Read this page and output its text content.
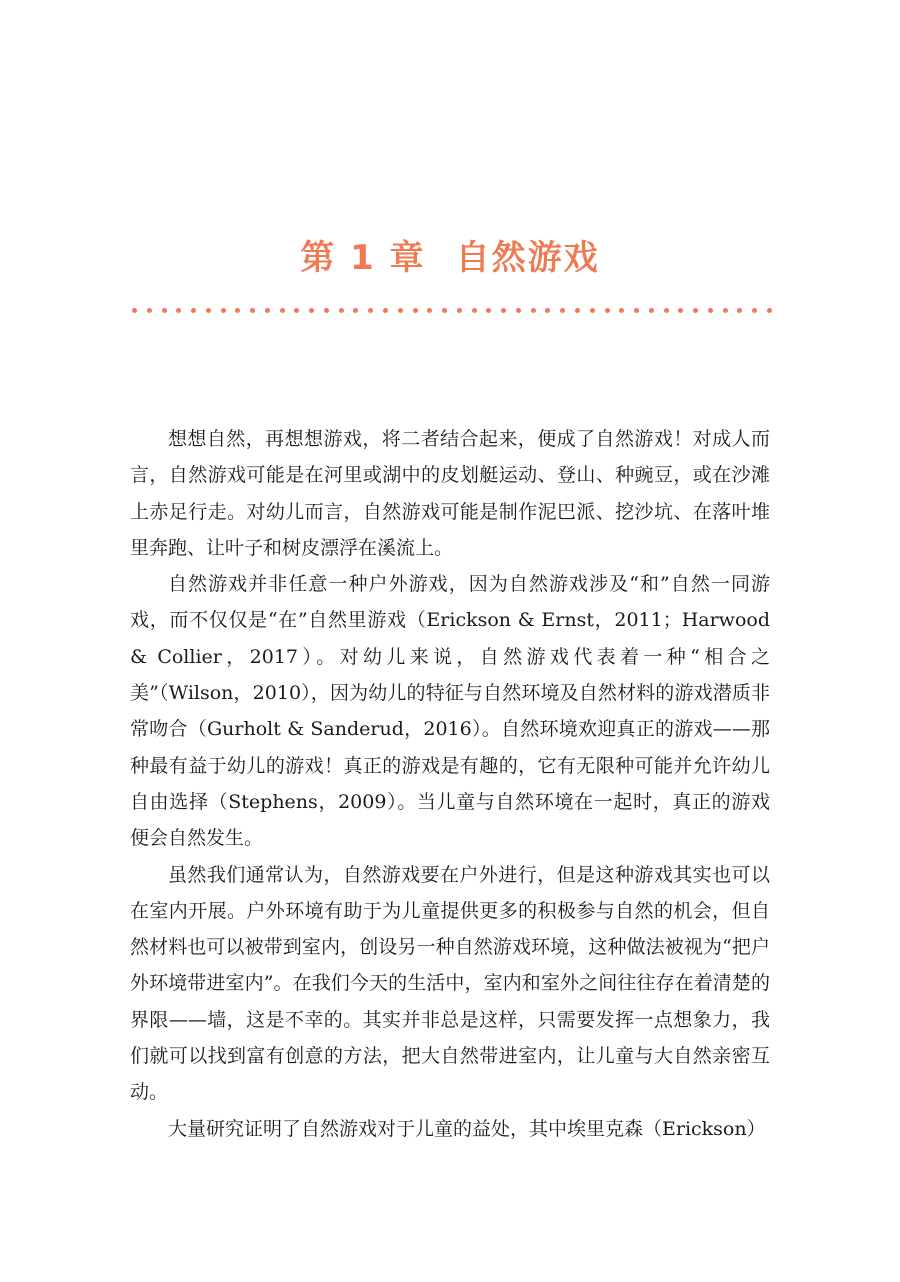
第 1 章 自然游戏

想想自然，再想想游戏，将二者结合起来，便成了自然游戏！对成人而言，自然游戏可能是在河里或湖中的皮划艇运动、登山、种豌豆，或在沙滩上赤足行走。对幼儿而言，自然游戏可能是制作泥巴派、挖沙坑、在落叶堆里奔跑、让叶子和树皮漂浮在溪流上。

自然游戏并非任意一种户外游戏，因为自然游戏涉及“和”自然一同游戏，而不仅仅是“在”自然里游戏（Erickson & Ernst，2011；Harwood & Collier，2017）。对幼儿来说，自然游戏代表着一种“相合之美”（Wilson，2010），因为幼儿的特征与自然环境及自然材料的游戏潜质非常吻合（Gurholt & Sanderud，2016）。自然环境欢迎真正的游戏——那种最有益于幼儿的游戏！真正的游戏是有趣的，它有无限种可能并允许幼儿自由选择（Stephens，2009）。当儿童与自然环境在一起时，真正的游戏便会自然发生。

虽然我们通常认为，自然游戏要在户外进行，但是这种游戏其实也可以在室内开展。户外环境有助于为儿童提供更多的积极参与自然的机会，但自然材料也可以被带到室内，创设另一种自然游戏环境，这种做法被视为“把户外环境带进室内”。在我们今天的生活中，室内和室外之间往往存在着清楚的界限——墙，这是不幸的。其实并非总是这样，只需要发挥一点想象力，我们就可以找到富有创意的方法，把大自然带进室内，让儿童与大自然亲密互动。

大量研究证明了自然游戏对于儿童的益处，其中埃里克森（Erickson）
